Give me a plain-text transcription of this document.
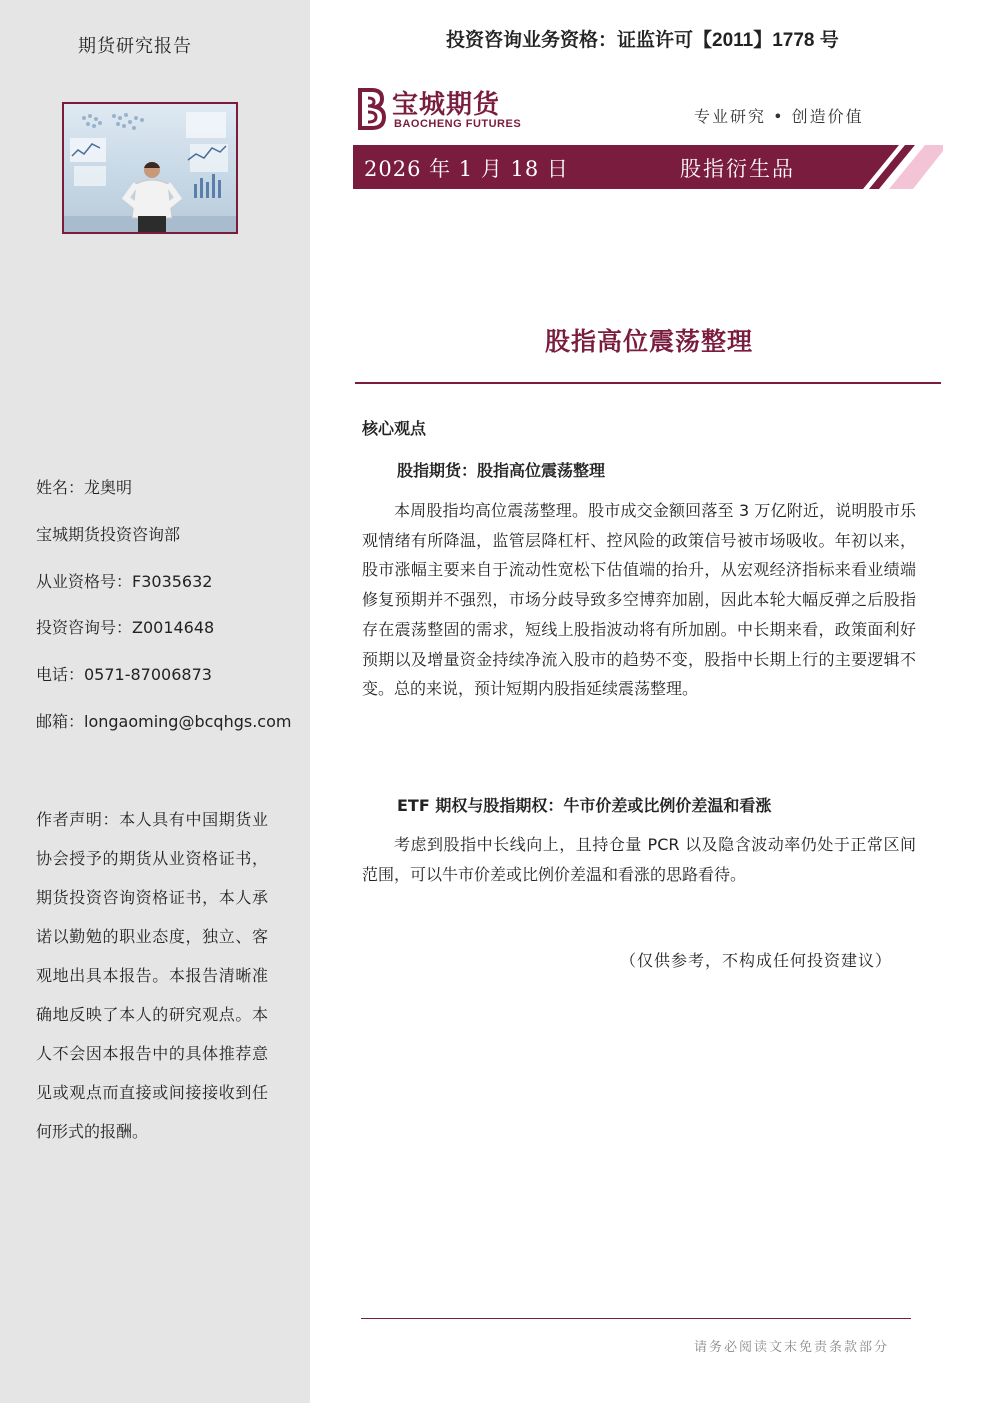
期货研究报告
姓名：龙奥明
宝城期货投资咨询部
从业资格号：F3035632
投资咨询号：Z0014648
电话：0571-87006873
邮箱：longaoming@bcqhgs.com
作者声明：本人具有中国期货业协会授予的期货从业资格证书，期货投资咨询资格证书，本人承诺以勤勉的职业态度，独立、客观地出具本报告。本报告清晰准确地反映了本人的研究观点。本人不会因本报告中的具体推荐意见或观点而直接或间接接收到任何形式的报酬。
投资咨询业务资格：证监许可【2011】1778 号
宝城期货
BAOCHENG FUTURES	专业研究 • 创造价值
2026 年 1 月 18 日	股指衍生品
股指高位震荡整理
核心观点
股指期货：股指高位震荡整理
本周股指均高位震荡整理。股市成交金额回落至 3 万亿附近，说明股市乐观情绪有所降温，监管层降杠杆、控风险的政策信号被市场吸收。年初以来，股市涨幅主要来自于流动性宽松下估值端的抬升，从宏观经济指标来看业绩端修复预期并不强烈，市场分歧导致多空博弈加剧，因此本轮大幅反弹之后股指存在震荡整固的需求，短线上股指波动将有所加剧。中长期来看，政策面利好预期以及增量资金持续净流入股市的趋势不变，股指中长期上行的主要逻辑不变。总的来说，预计短期内股指延续震荡整理。
ETF 期权与股指期权：牛市价差或比例价差温和看涨
考虑到股指中长线向上，且持仓量 PCR 以及隐含波动率仍处于正常区间范围，可以牛市价差或比例价差温和看涨的思路看待。
（仅供参考，不构成任何投资建议）
请务必阅读文末免责条款部分
